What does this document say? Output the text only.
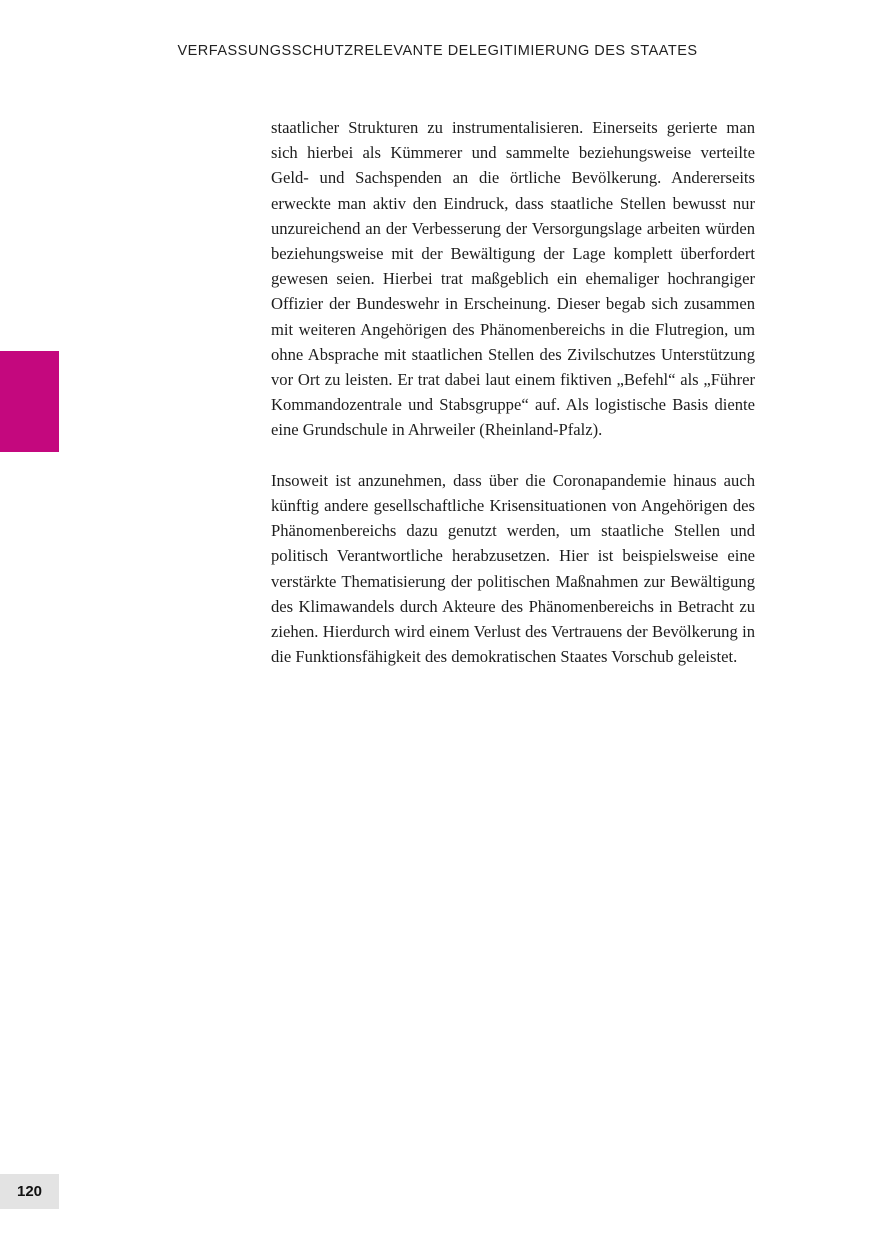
VERFASSUNGSSCHUTZRELEVANTE DELEGITIMIERUNG DES STAATES

staatlicher Strukturen zu instrumentalisieren. Einerseits gerierte man sich hierbei als Kümmerer und sammelte beziehungsweise verteilte Geld- und Sachspenden an die örtliche Bevölkerung. Andererseits erweckte man aktiv den Eindruck, dass staatliche Stellen bewusst nur unzureichend an der Verbesserung der Versorgungslage arbeiten würden beziehungsweise mit der Bewältigung der Lage komplett überfordert gewesen seien. Hierbei trat maßgeblich ein ehemaliger hochrangiger Offizier der Bundeswehr in Erscheinung. Dieser begab sich zusammen mit weiteren Angehörigen des Phänomenbereichs in die Flutregion, um ohne Absprache mit staatlichen Stellen des Zivilschutzes Unterstützung vor Ort zu leisten. Er trat dabei laut einem fiktiven „Befehl“ als „Führer Kommandozentrale und Stabsgruppe“ auf. Als logistische Basis diente eine Grundschule in Ahrweiler (Rheinland-Pfalz).

Insoweit ist anzunehmen, dass über die Coronapandemie hinaus auch künftig andere gesellschaftliche Krisensituationen von Angehörigen des Phänomenbereichs dazu genutzt werden, um staatliche Stellen und politisch Verantwortliche herabzusetzen. Hier ist beispielsweise eine verstärkte Thematisierung der politischen Maßnahmen zur Bewältigung des Klimawandels durch Akteure des Phänomenbereichs in Betracht zu ziehen. Hierdurch wird einem Verlust des Vertrauens der Bevölkerung in die Funktionsfähigkeit des demokratischen Staates Vorschub geleistet.

120
